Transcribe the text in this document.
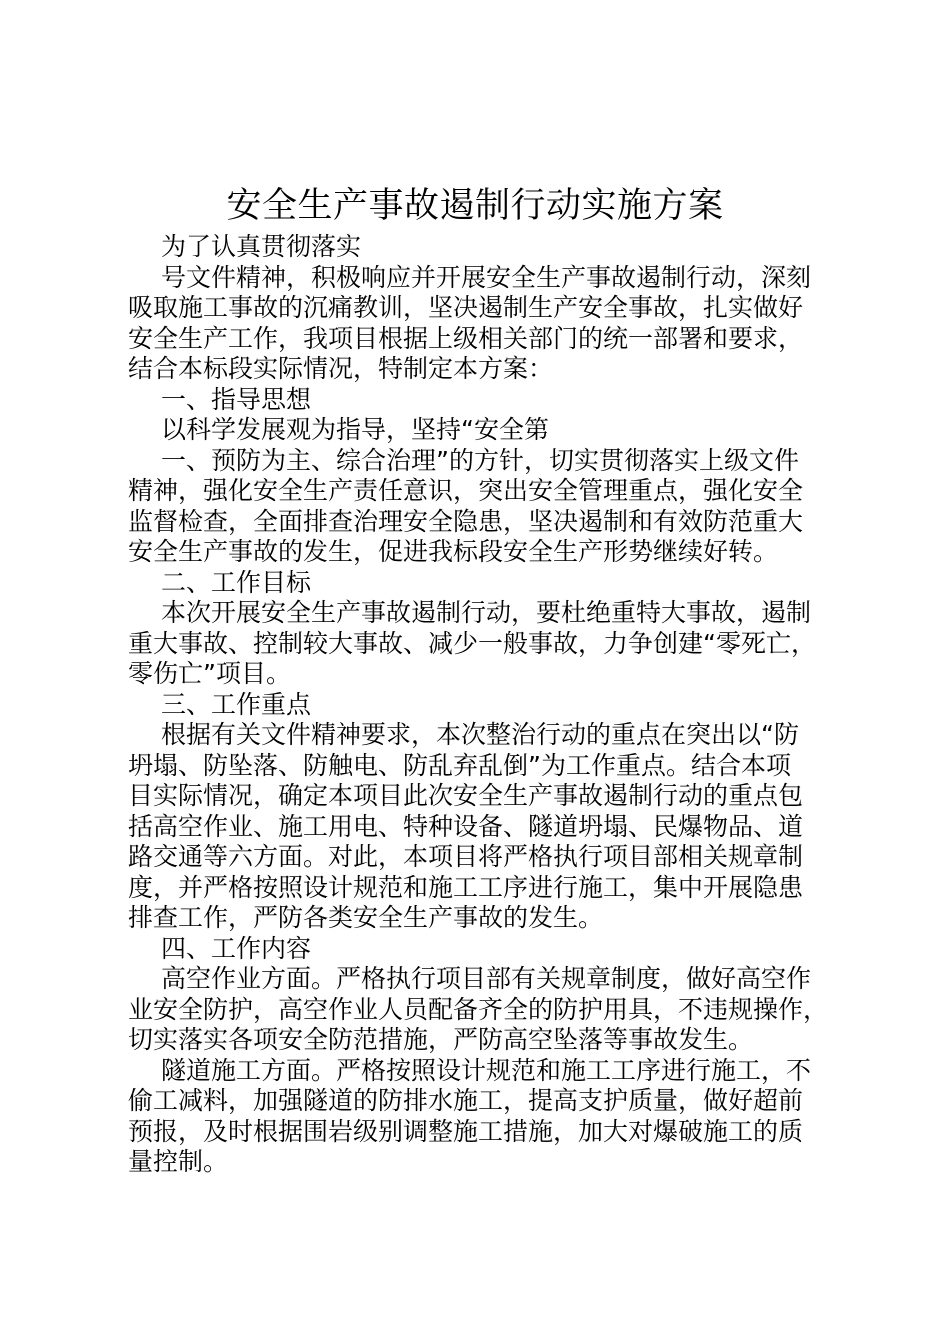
安全生产事故遏制行动实施方案
为了认真贯彻落实
号文件精神，积极响应并开展安全生产事故遏制行动，深刻
吸取施工事故的沉痛教训，坚决遏制生产安全事故，扎实做好
安全生产工作，我项目根据上级相关部门的统一部署和要求，
结合本标段实际情况，特制定本方案：
一、指导思想
以科学发展观为指导，坚持“安全第
一、预防为主、综合治理”的方针，切实贯彻落实上级文件
精神，强化安全生产责任意识，突出安全管理重点，强化安全
监督检查，全面排查治理安全隐患，坚决遏制和有效防范重大
安全生产事故的发生，促进我标段安全生产形势继续好转。
二、工作目标
本次开展安全生产事故遏制行动，要杜绝重特大事故，遏制
重大事故、控制较大事故、减少一般事故，力争创建“零死亡，
零伤亡”项目。
三、工作重点
根据有关文件精神要求，本次整治行动的重点在突出以“防
坍塌、防坠落、防触电、防乱弃乱倒”为工作重点。结合本项
目实际情况，确定本项目此次安全生产事故遏制行动的重点包
括高空作业、施工用电、特种设备、隧道坍塌、民爆物品、道
路交通等六方面。对此，本项目将严格执行项目部相关规章制
度，并严格按照设计规范和施工工序进行施工，集中开展隐患
排查工作，严防各类安全生产事故的发生。
四、工作内容
高空作业方面。严格执行项目部有关规章制度，做好高空作
业安全防护，高空作业人员配备齐全的防护用具，不违规操作，
切实落实各项安全防范措施，严防高空坠落等事故发生。
隧道施工方面。严格按照设计规范和施工工序进行施工，不
偷工减料，加强隧道的防排水施工，提高支护质量，做好超前
预报，及时根据围岩级别调整施工措施，加大对爆破施工的质
量控制。
